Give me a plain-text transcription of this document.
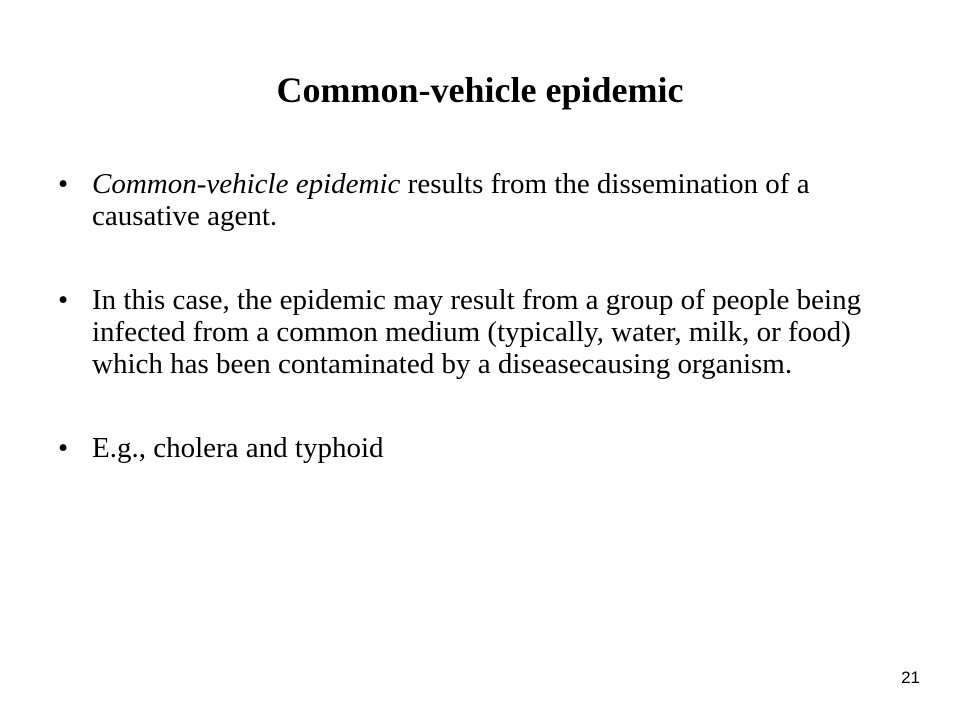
Common-vehicle epidemic
• Common-vehicle epidemic results from the dissemination of a causative agent.
• In this case, the epidemic may result from a group of people being infected from a common medium (typically, water, milk, or food) which has been contaminated by a diseasecausing organism.
• E.g., cholera and typhoid
21
